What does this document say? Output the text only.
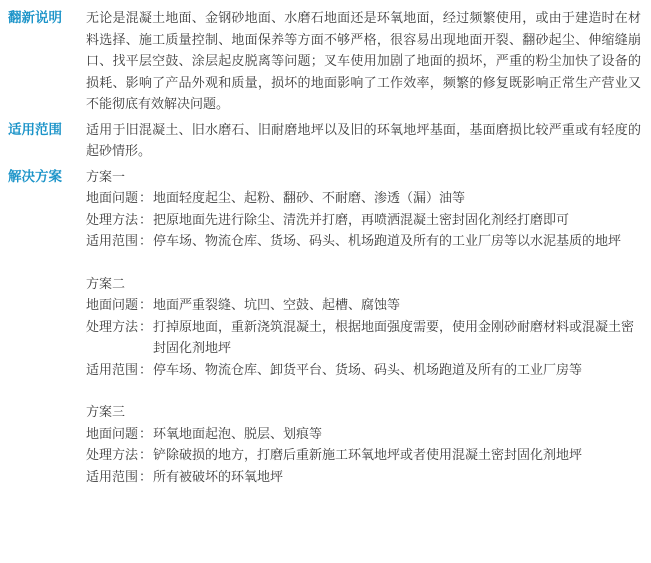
翻新说明	无论是混凝土地面、金钢砂地面、水磨石地面还是环氧地面，经过频繁使用，或由于建造时在材料选择、施工质量控制、地面保养等方面不够严格，很容易出现地面开裂、翻砂起尘、伸缩缝崩口、找平层空鼓、涂层起皮脱离等问题；叉车使用加剧了地面的损坏，严重的粉尘加快了设备的损耗、影响了产品外观和质量，损坏的地面影响了工作效率，频繁的修复既影响正常生产营业又不能彻底有效解决问题。

适用范围	适用于旧混凝土、旧水磨石、旧耐磨地坪以及旧的环氧地坪基面，基面磨损比较严重或有轻度的起砂情形。

解决方案	方案一

地面问题 ： 地面轻度起尘、起粉、翻砂、不耐磨、渗透（漏）油等
处理方法 ： 把原地面先进行除尘、清洗并打磨，再喷洒混凝土密封固化剂经打磨即可
适用范围 ： 停车场、物流仓库、货场、码头、机场跑道及所有的工业厂房等以水泥基质的地坪

方案二

地面问题 ： 地面严重裂缝、坑凹、空鼓、起槽、腐蚀等
处理方法 ： 打掉原地面，重新浇筑混凝土，根据地面强度需要，使用金刚砂耐磨材料或混凝土密封固化剂地坪
适用范围 ： 停车场、物流仓库、卸货平台、货场、码头、机场跑道及所有的工业厂房等

方案三

地面问题 ： 环氧地面起泡、脱层、划痕等
处理方法 ： 铲除破损的地方，打磨后重新施工环氧地坪或者使用混凝土密封固化剂地坪
适用范围 ： 所有被破坏的环氧地坪
